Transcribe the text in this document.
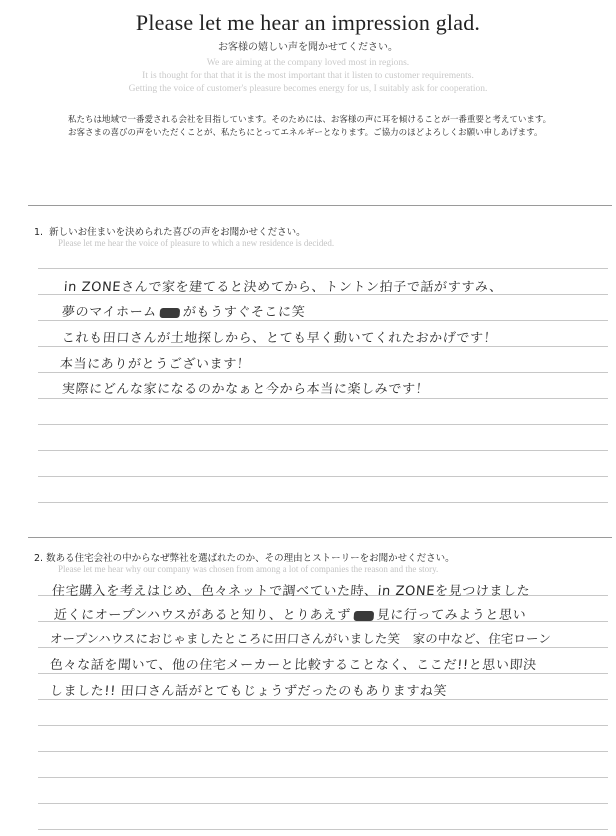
Please let me hear an impression glad.
お客様の嬉しい声を聞かせてください。
We are aiming at the company loved most in regions.
It is thought for that that it is the most important that it listen to customer requirements.
Getting the voice of customer's pleasure becomes energy for us, I suitably ask for cooperation.
私たちは地域で一番愛される会社を目指しています。そのためには、お客様の声に耳を傾けることが一番重要と考えています。
お客さまの喜びの声をいただくことが、私たちにとってエネルギーとなります。ご協力のほどよろしくお願い申しあげます。
1. 新しいお住まいを決められた喜びの声をお聞かせください。
Please let me hear the voice of pleasure to which a new residence is decided.
in ZONEさんで家を建てると決めてから、トントン拍子で話がすすみ、
夢のマイホーム がもうすぐそこに笑
これも田口さんが土地探しから、とても早く動いてくれたおかげです！
本当にありがとうございます！
実際にどんな家になるのかなぁと今から本当に楽しみです！
2. 数ある住宅会社の中からなぜ弊社を選ばれたのか、その理由とストーリーをお聞かせください。
Please let me hear why our company was chosen from among a lot of companies the reason and the story.
住宅購入を考えはじめ、色々ネットで調べていた時、in ZONEを見つけました
近くにオープンハウスがあると知り、とりあえず 見に行ってみようと思い
オープンハウスにおじゃましたところに田口さんがいました笑　家の中など、住宅ローン
色々な話を聞いて、他の住宅メーカーと比較することなく、ここだ!!と思い即決
しました!! 田口さん話がとてもじょうずだったのもありますね笑
